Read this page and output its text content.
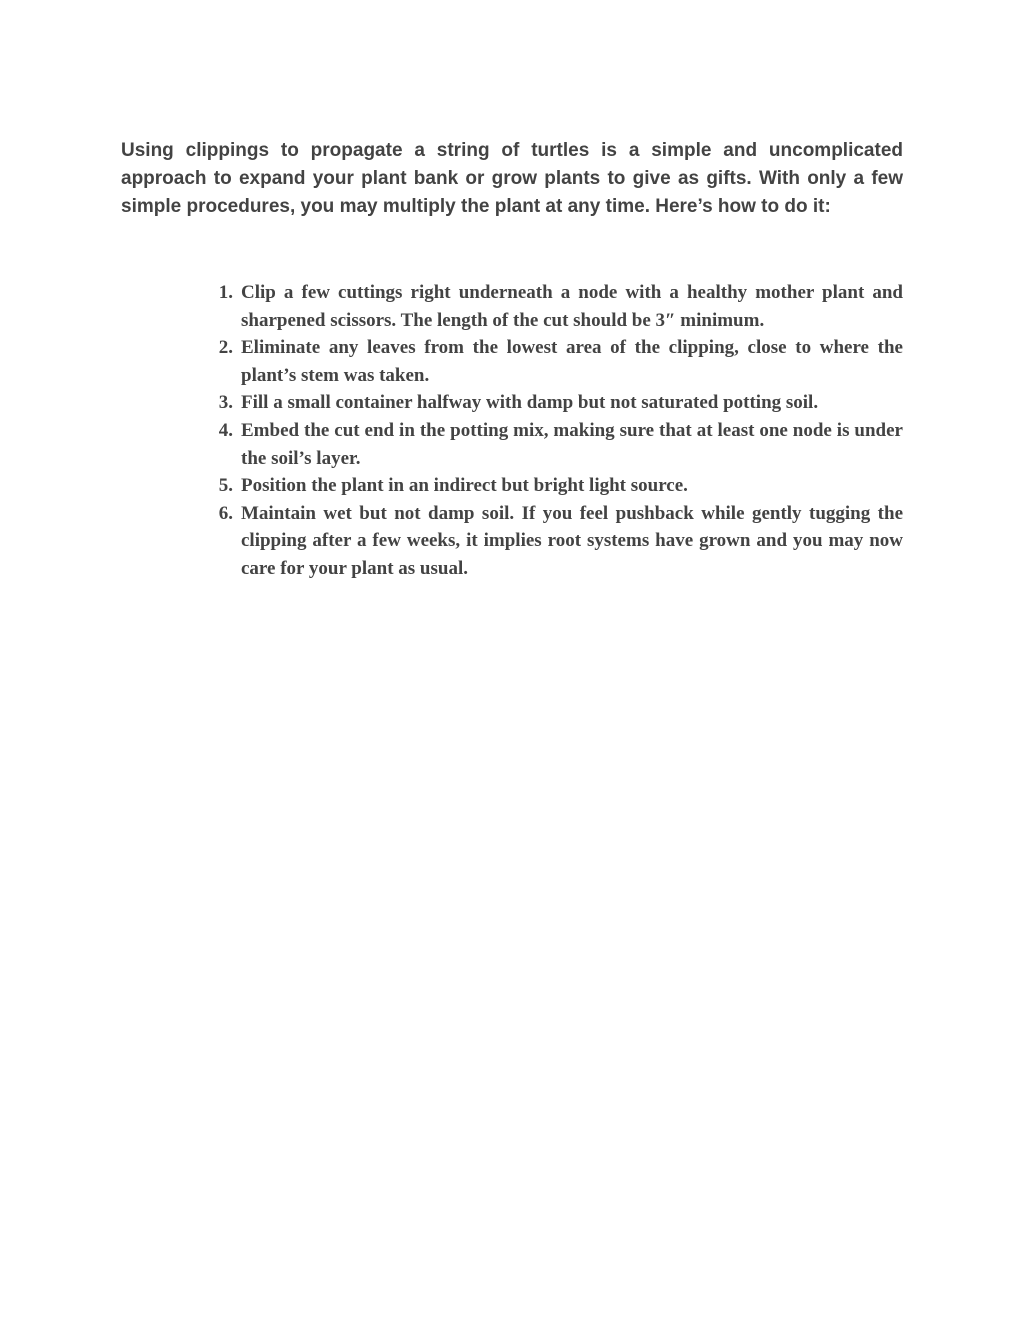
Using clippings to propagate a string of turtles is a simple and uncomplicated approach to expand your plant bank or grow plants to give as gifts. With only a few simple procedures, you may multiply the plant at any time. Here’s how to do it:

1. Clip a few cuttings right underneath a node with a healthy mother plant and sharpened scissors. The length of the cut should be 3″ minimum.
2. Eliminate any leaves from the lowest area of the clipping, close to where the plant’s stem was taken.
3. Fill a small container halfway with damp but not saturated potting soil.
4. Embed the cut end in the potting mix, making sure that at least one node is under the soil’s layer.
5. Position the plant in an indirect but bright light source.
6. Maintain wet but not damp soil. If you feel pushback while gently tugging the clipping after a few weeks, it implies root systems have grown and you may now care for your plant as usual.
